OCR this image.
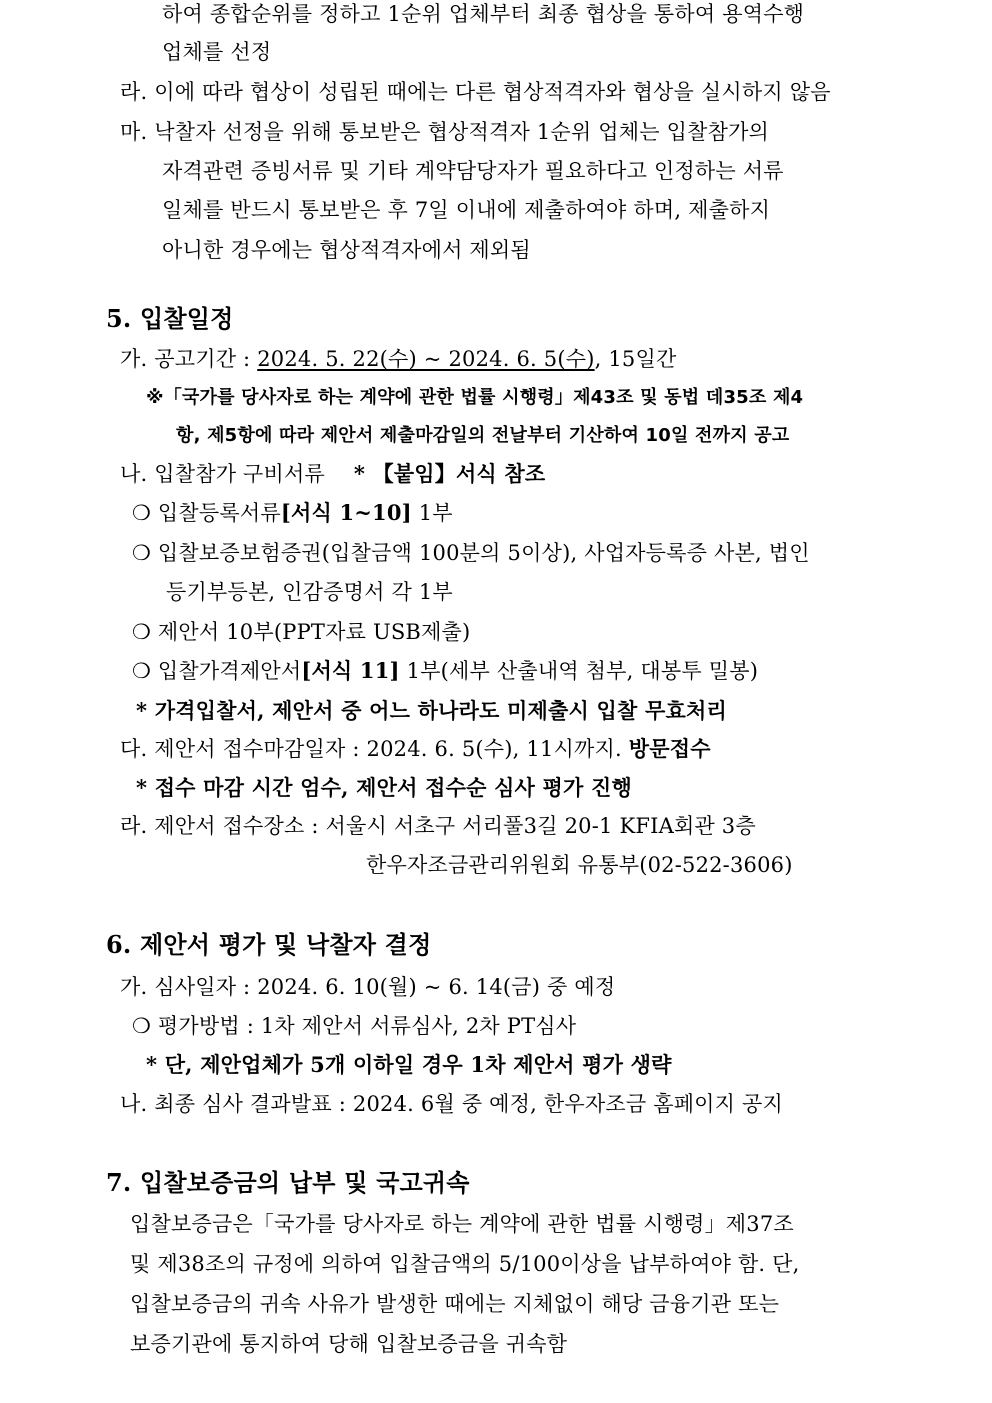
하여 종합순위를 정하고 1순위 업체부터 최종 협상을 통하여 용역수행
업체를 선정
라. 이에 따라 협상이 성립된 때에는 다른 협상적격자와 협상을 실시하지 않음
마. 낙찰자 선정을 위해 통보받은 협상적격자 1순위 업체는 입찰참가의
자격관련 증빙서류 및 기타 계약담당자가 필요하다고 인정하는 서류
일체를 반드시 통보받은 후 7일 이내에 제출하여야 하며, 제출하지
아니한 경우에는 협상적격자에서 제외됨
5. 입찰일정
가. 공고기간 : 2024. 5. 22(수) ~ 2024. 6. 5(수), 15일간
※「국가를 당사자로 하는 계약에 관한 법률 시행령」제43조 및 동법 데35조 제4
항, 제5항에 따라 제안서 제출마감일의 전날부터 기산하여 10일 전까지 공고
나. 입찰참가 구비서류 * 【붙임】서식 참조
❍ 입찰등록서류[서식 1~10] 1부
❍ 입찰보증보험증권(입찰금액 100분의 5이상), 사업자등록증 사본, 법인
등기부등본, 인감증명서 각 1부
❍ 제안서 10부(PPT자료 USB제출)
❍ 입찰가격제안서[서식 11] 1부(세부 산출내역 첨부, 대봉투 밀봉)
* 가격입찰서, 제안서 중 어느 하나라도 미제출시 입찰 무효처리
다. 제안서 접수마감일자 : 2024. 6. 5(수), 11시까지. 방문접수
* 접수 마감 시간 엄수, 제안서 접수순 심사 평가 진행
라. 제안서 접수장소 : 서울시 서초구 서리풀3길 20-1 KFIA회관 3층
한우자조금관리위원회 유통부(02-522-3606)
6. 제안서 평가 및 낙찰자 결정
가. 심사일자 : 2024. 6. 10(월) ~ 6. 14(금) 중 예정
❍ 평가방법 : 1차 제안서 서류심사, 2차 PT심사
* 단, 제안업체가 5개 이하일 경우 1차 제안서 평가 생략
나. 최종 심사 결과발표 : 2024. 6월 중 예정, 한우자조금 홈페이지 공지
7. 입찰보증금의 납부 및 국고귀속
입찰보증금은「국가를 당사자로 하는 계약에 관한 법률 시행령」제37조
및 제38조의 규정에 의하여 입찰금액의 5/100이상을 납부하여야 함. 단,
입찰보증금의 귀속 사유가 발생한 때에는 지체없이 해당 금융기관 또는
보증기관에 통지하여 당해 입찰보증금을 귀속함
